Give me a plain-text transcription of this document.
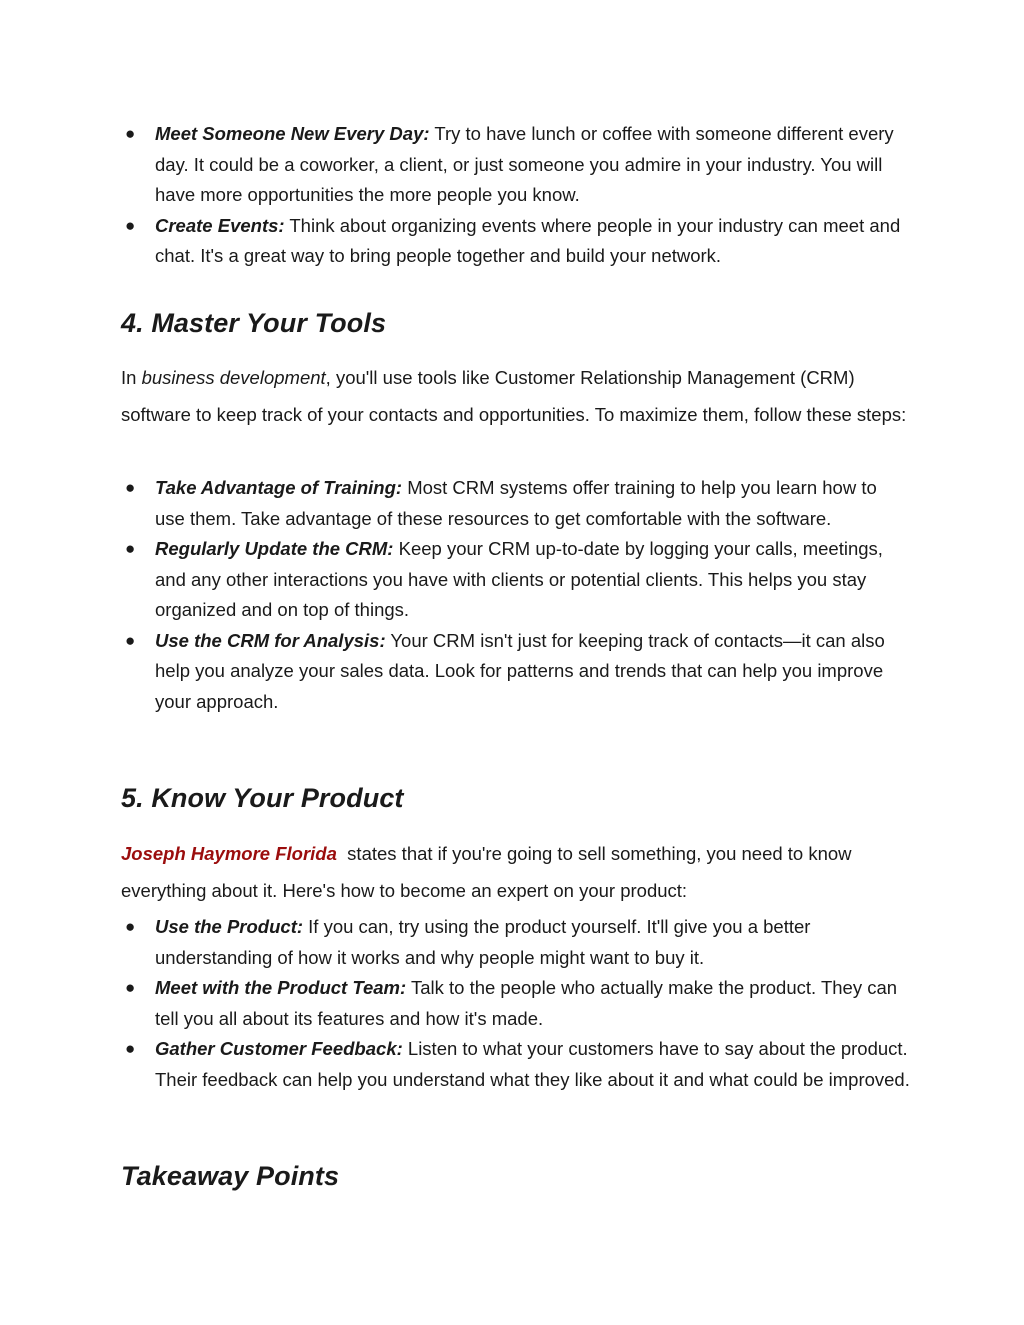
● Meet Someone New Every Day: Try to have lunch or coffee with someone different every day. It could be a coworker, a client, or just someone you admire in your industry. You will have more opportunities the more people you know.
● Create Events: Think about organizing events where people in your industry can meet and chat. It's a great way to bring people together and build your network.
4. Master Your Tools

In business development, you'll use tools like Customer Relationship Management (CRM) software to keep track of your contacts and opportunities. To maximize them, follow these steps:

● Take Advantage of Training: Most CRM systems offer training to help you learn how to use them. Take advantage of these resources to get comfortable with the software.
● Regularly Update the CRM: Keep your CRM up-to-date by logging your calls, meetings, and any other interactions you have with clients or potential clients. This helps you stay organized and on top of things.
● Use the CRM for Analysis: Your CRM isn't just for keeping track of contacts—it can also help you analyze your sales data. Look for patterns and trends that can help you improve your approach.
5. Know Your Product

Joseph Haymore Florida  states that if you're going to sell something, you need to know everything about it. Here's how to become an expert on your product:

● Use the Product: If you can, try using the product yourself. It'll give you a better understanding of how it works and why people might want to buy it.
● Meet with the Product Team: Talk to the people who actually make the product. They can tell you all about its features and how it's made.
● Gather Customer Feedback: Listen to what your customers have to say about the product. Their feedback can help you understand what they like about it and what could be improved.
Takeaway Points
